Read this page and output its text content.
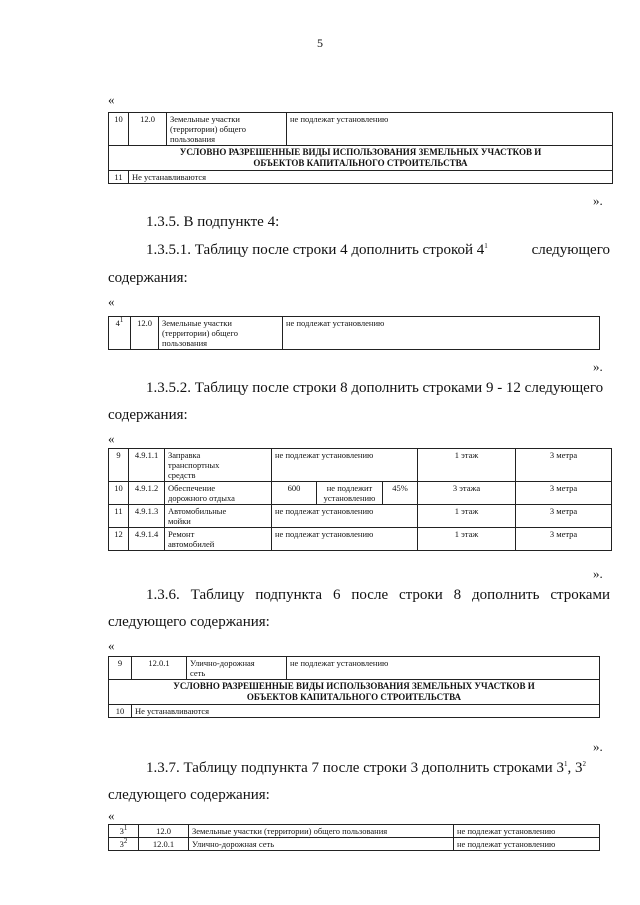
5
«
10	12.0	Земельные участки
(территории) общего
пользования	не подлежат установлению

УСЛОВНО РАЗРЕШЕННЫЕ ВИДЫ ИСПОЛЬЗОВАНИЯ ЗЕМЕЛЬНЫХ УЧАСТКОВ И
ОБЪЕКТОВ КАПИТАЛЬНОГО СТРОИТЕЛЬСТВА			

11	Не устанавливаются		
».
1.3.5. В подпункте 4:
1.3.5.1. Таблицу после строки 4 дополнить строкой $4^1$	следующего
содержания:
«
$4^1$	12.0	Земельные участки
(территории) общего
пользования
	не подлежат установлению
».
1.3.5.2. Таблицу после строки 8 дополнить строками 9 - 12 следующего
содержания:
«
9	4.9.1.1	Заправка
транспортных
средств	не подлежат установлению			1 этаж	3 метра
10	4.9.1.2	Обеспечение
дорожного отдыха	600	не подлежит
установлению	45%	3 этажа	3 метра
11	4.9.1.3	Автомобильные
мойки	не подлежат установлению			1 этаж	3 метра
12	4.9.1.4	Ремонт
автомобилей	не подлежат установлению			1 этаж	3 метра
».
1.3.6. Таблицу подпункта 6 после строки 8 дополнить строками
следующего содержания:
«
9	12.0.1	Улично-дорожная
сеть	не подлежат установлению

УСЛОВНО РАЗРЕШЕННЫЕ ВИДЫ ИСПОЛЬЗОВАНИЯ ЗЕМЕЛЬНЫХ УЧАСТКОВ И
ОБЪЕКТОВ КАПИТАЛЬНОГО СТРОИТЕЛЬСТВА			

10	Не устанавливаются		
».
1.3.7. Таблицу подпункта 7 после строки 3 дополнить строками $3^1$, $3^2$
следующего содержания:
«
$3^1$	12.0	Земельные участки (территории) общего пользования	не подлежат установлению
$3^2$	12.0.1	Улично-дорожная сеть	не подлежат установлению
